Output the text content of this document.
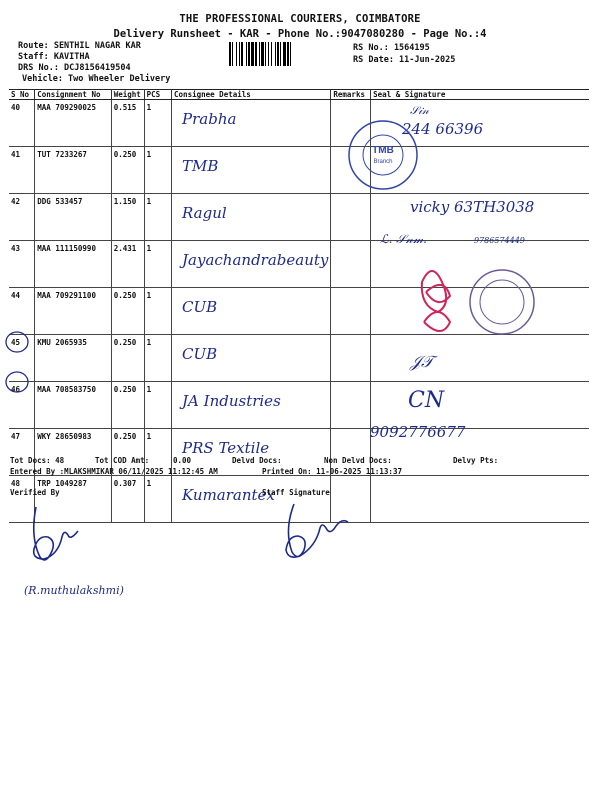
THE PROFESSIONAL COURIERS, COIMBATORE
Delivery Runsheet - KAR - Phone No.:9047080280 - Page No.:4
Route: SENTHIL NAGAR KAR
Staff: KAVITHA
DRS No.: DCJ8156419504
Vehicle: Two Wheeler Delivery
RS No.: 1564195
RS Date: 11-Jun-2025
S No	Consignment No	Weight	PCS	Consignee Details	Remarks	Seal & Signature
40	MAA 709290025	0.515	1	Prabha		
41	TUT 7233267	0.250	1	TMB		
42	DDG 533457	1.150	1	Ragul		
43	MAA 111150990	2.431	1	Jayachandrabeauty		
44	MAA 709291100	0.250	1	CUB		
45	KMU 2065935	0.250	1	CUB		
46	MAA 708583750	0.250	1	JA Industries		
47	WKY 28650983	0.250	1	PRS Textile		
48	TRP 1049287	0.307	1	Kumarantex		
𝒮𝒾𝓃
244 66396
vicky 63TH3038
ℒ. 𝒮𝓃𝓂.	9786574449
𝒥𝒯
CN
9092776677
TMB
Branch
Tot Docs: 48	Tot COD Amt:	0.00	Delvd Docs:	Non Delvd Docs:	Delvy Pts:
Entered By :MLAKSHMIKAR 06/11/2025 11:12:45 AM	Printed On: 11-06-2025 11:13:37
Verified By	Staff Signature
(R.muthulakshmi)
